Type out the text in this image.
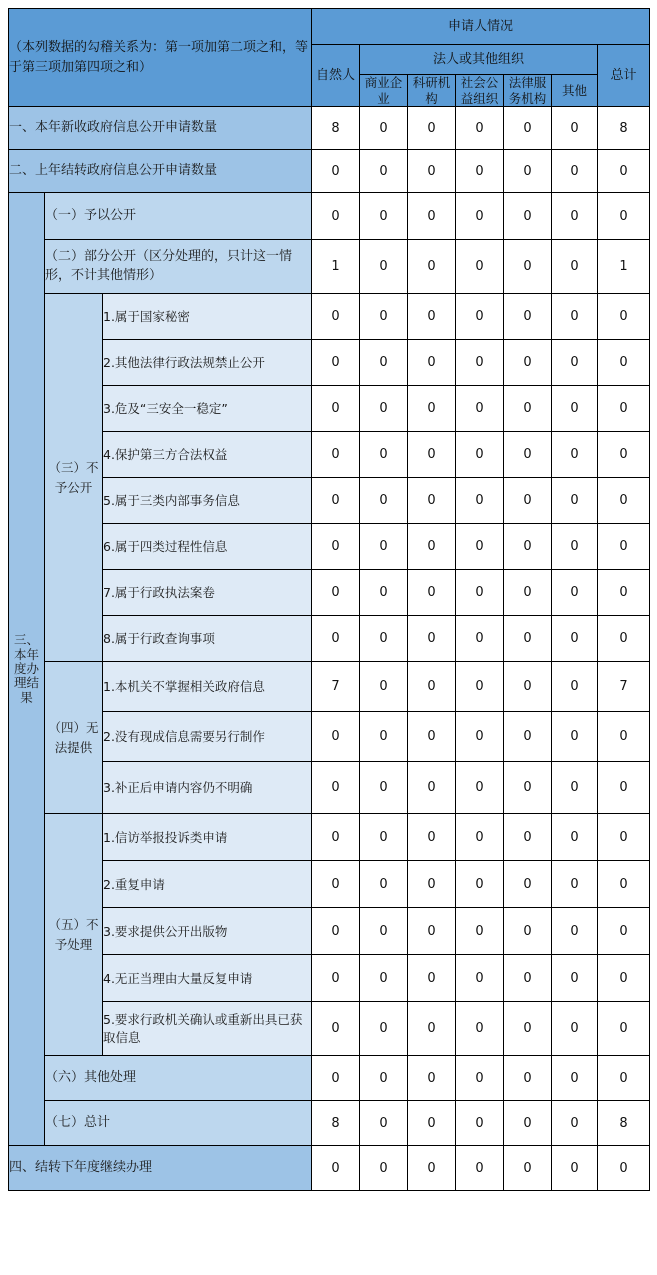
（本列数据的勾稽关系为：第一项加第二项之和，等于第三项加第四项之和）			申请人情况						
			自然人	法人或其他组织					总计
				商业企业	科研机构	社会公益组织	法律服务机构	其他	
一、本年新收政府信息公开申请数量			8	0	0	0	0	0	8
二、上年结转政府信息公开申请数量			0	0	0	0	0	0	0
三、本年度办理结果	（一）予以公开		0	0	0	0	0	0	0
	（二）部分公开（区分处理的，只计这一情形，不计其他情形）		1	0	0	0	0	0	1
	（三）不予公开	1.属于国家秘密	0	0	0	0	0	0	0
		2.其他法律行政法规禁止公开	0	0	0	0	0	0	0
		3.危及“三安全一稳定”	0	0	0	0	0	0	0
		4.保护第三方合法权益	0	0	0	0	0	0	0
		5.属于三类内部事务信息	0	0	0	0	0	0	0
		6.属于四类过程性信息	0	0	0	0	0	0	0
		7.属于行政执法案卷	0	0	0	0	0	0	0
		8.属于行政查询事项	0	0	0	0	0	0	0
	（四）无法提供	1.本机关不掌握相关政府信息	7	0	0	0	0	0	7
		2.没有现成信息需要另行制作	0	0	0	0	0	0	0
		3.补正后申请内容仍不明确	0	0	0	0	0	0	0
	（五）不予处理	1.信访举报投诉类申请	0	0	0	0	0	0	0
		2.重复申请	0	0	0	0	0	0	0
		3.要求提供公开出版物	0	0	0	0	0	0	0
		4.无正当理由大量反复申请	0	0	0	0	0	0	0
		5.要求行政机关确认或重新出具已获取信息	0	0	0	0	0	0	0
	（六）其他处理		0	0	0	0	0	0	0
	（七）总计		8	0	0	0	0	0	8
四、结转下年度继续办理			0	0	0	0	0	0	0
